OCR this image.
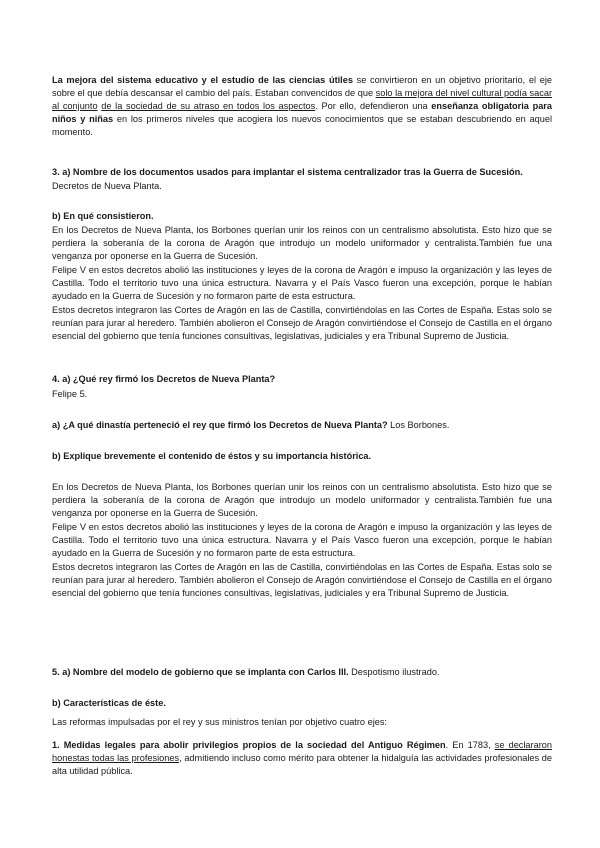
La mejora del sistema educativo y el estudio de las ciencias útiles se convirtieron en un objetivo prioritario, el eje sobre el que debía descansar el cambio del país. Estaban convencidos de que solo la mejora del nivel cultural podía sacar al conjunto de la sociedad de su atraso en todos los aspectos. Por ello, defendieron una enseñanza obligatoria para niños y niñas en los primeros niveles que acogiera los nuevos conocimientos que se estaban descubriendo en aquel momento.

3. a) Nombre de los documentos usados para implantar el sistema centralizador tras la Guerra de Sucesión.

Decretos de Nueva Planta.

b) En qué consistieron.

En los Decretos de Nueva Planta, los Borbones querían unir los reinos con un centralismo absolutista. Esto hizo que se perdiera la soberanía de la corona de Aragón que introdujo un modelo uniformador y centralista.También fue una venganza por oponerse en la Guerra de Sucesión.

Felipe V en estos decretos abolió las instituciones y leyes de la corona de Aragón e impuso la organización y las leyes de Castilla. Todo el territorio tuvo una única estructura. Navarra y el País Vasco fueron una excepción, porque le habían ayudado en la Guerra de Sucesión y no formaron parte de esta estructura.

Estos decretos integraron las Cortes de Aragón en las de Castilla, convirtiéndolas en las Cortes de España. Estas solo se reunían para jurar al heredero. También abolieron el Consejo de Aragón convirtiéndose el Consejo de Castilla en el órgano esencial del gobierno que tenía funciones consultivas, legislativas, judiciales y era Tribunal Supremo de Justicia.

4. a) ¿Qué rey firmó los Decretos de Nueva Planta?

Felipe 5.

a) ¿A qué dinastía perteneció el rey que firmó los Decretos de Nueva Planta? Los Borbones.

b) Explique brevemente el contenido de éstos y su importancia histórica.

En los Decretos de Nueva Planta, los Borbones querían unir los reinos con un centralismo absolutista. Esto hizo que se perdiera la soberanía de la corona de Aragón que introdujo un modelo uniformador y centralista.También fue una venganza por oponerse en la Guerra de Sucesión.

Felipe V en estos decretos abolió las instituciones y leyes de la corona de Aragón e impuso la organización y las leyes de Castilla. Todo el territorio tuvo una única estructura. Navarra y el País Vasco fueron una excepción, porque le habían ayudado en la Guerra de Sucesión y no formaron parte de esta estructura.

Estos decretos integraron las Cortes de Aragón en las de Castilla, convirtiéndolas en las Cortes de España. Estas solo se reunían para jurar al heredero. También abolieron el Consejo de Aragón convirtiéndose el Consejo de Castilla en el órgano esencial del gobierno que tenía funciones consultivas, legislativas, judiciales y era Tribunal Supremo de Justicia.

5. a) Nombre del modelo de gobierno que se implanta con Carlos III. Despotismo ilustrado.

b) Características de éste.

Las reformas impulsadas por el rey y sus ministros tenían por objetivo cuatro ejes:

1. Medidas legales para abolir privilegios propios de la sociedad del Antiguo Régimen. En 1783, se declararon honestas todas las profesiones, admitiendo incluso como mérito para obtener la hidalguía las actividades profesionales de alta utilidad pública.
